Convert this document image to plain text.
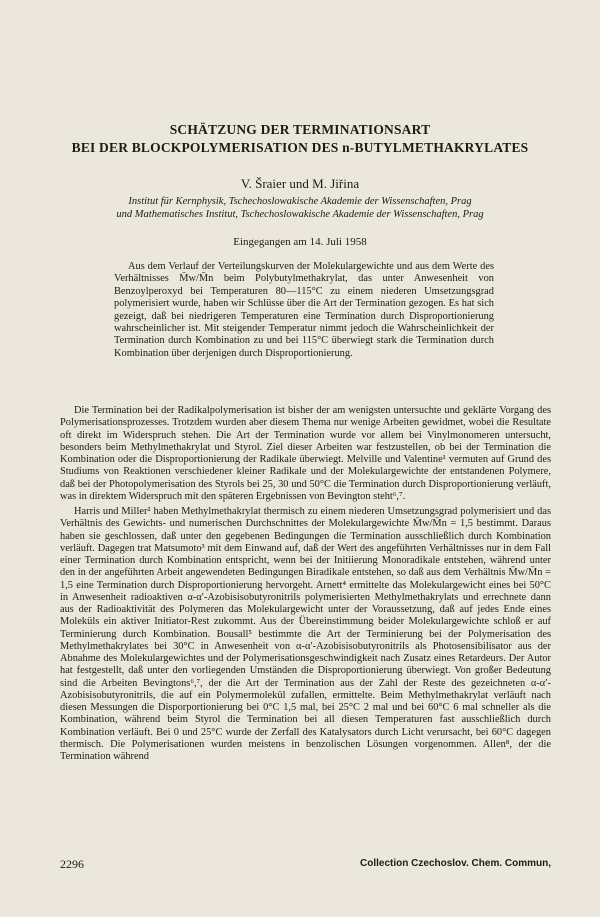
SCHÄTZUNG DER TERMINATIONSART
BEI DER BLOCKPOLYMERISATION DES n-BUTYLMETHAKRYLATES
V. Šraier und M. Jiřina
Institut für Kernphysik, Tschechoslowakische Akademie der Wissenschaften, Prag
und Mathematisches Institut, Tschechoslowakische Akademie der Wissenschaften, Prag
Eingegangen am 14. Juli 1958

Aus dem Verlauf der Verteilungskurven der Molekulargewichte und aus dem Werte des Verhältnisses M̄w/M̄n beim Polybutylmethakrylat, das unter Anwesenheit von Benzoylperoxyd bei Temperaturen 80—115°C zu einem niederen Umsetzungsgrad polymerisiert wurde, haben wir Schlüsse über die Art der Termination gezogen. Es hat sich gezeigt, daß bei niedrigeren Temperaturen eine Termination durch Disproportionierung wahrscheinlicher ist. Mit steigender Temperatur nimmt jedoch die Wahrscheinlichkeit der Termination durch Kombination zu und bei 115°C überwiegt stark die Termination durch Kombination über derjenigen durch Disproportionierung.

Die Termination bei der Radikalpolymerisation ist bisher der am wenigsten untersuchte und geklärte Vorgang des Polymerisationsprozesses. Trotzdem wurden aber diesem Thema nur wenige Arbeiten gewidmet, wobei die Resultate oft direkt im Widerspruch stehen. Die Art der Termination wurde vor allem bei Vinylmonomeren untersucht, besonders beim Methylmethakrylat und Styrol. Ziel dieser Arbeiten war festzustellen, ob bei der Termination die Kombination oder die Disproportionierung der Radikale überwiegt. Melville und Valentine¹ vermuten auf Grund des Studiums von Reaktionen verschiedener kleiner Radikale und der Molekulargewichte der entstandenen Polymere, daß bei der Photopolymerisation des Styrols bei 25, 30 und 50°C die Termination durch Disproportionierung verläuft, was in direktem Widerspruch mit den späteren Ergebnissen von Bevington steht⁶,⁷.

Harris und Miller² haben Methylmethakrylat thermisch zu einem niederen Umsetzungsgrad polymerisiert und das Verhältnis des Gewichts- und numerischen Durchschnittes der Molekulargewichte M̄w/M̄n = 1,5 bestimmt. Daraus haben sie geschlossen, daß unter den gegebenen Bedingungen die Termination ausschließlich durch Kombination verläuft. Dagegen trat Matsumoto³ mit dem Einwand auf, daß der Wert des angeführten Verhältnisses nur in dem Fall einer Termination durch Kombination entspricht, wenn bei der Initiierung Monoradikale entstehen, während unter den in der angeführten Arbeit angewendeten Bedingungen Biradikale entstehen, so daß aus dem Verhältnis M̄w/M̄n = 1,5 eine Termination durch Disproportionierung hervorgeht. Arnett⁴ ermittelte das Molekulargewicht eines bei 50°C in Anwesenheit radioaktiven α-α′-Azobisisobutyronitrils polymerisierten Methylmethakrylats und errechnete dann aus der Radioaktivität des Polymeren das Molekulargewicht unter der Voraussetzung, daß auf jedes Ende eines Moleküls ein aktiver Initiator-Rest zukommt. Aus der Übereinstimmung beider Molekulargewichte schloß er auf Terminierung durch Kombination. Bousall⁵ bestimmte die Art der Terminierung bei der Polymerisation des Methylmethakrylates bei 30°C in Anwesenheit von α-α′-Azobisisobutyronitrils als Photosensibilisator aus der Abnahme des Molekulargewichtes und der Polymerisationsgeschwindigkeit nach Zusatz eines Retardeurs. Der Autor hat festgestellt, daß unter den vorliegenden Umständen die Disproportionierung überwiegt. Von großer Bedeutung sind die Arbeiten Bevingtons⁶,⁷, der die Art der Termination aus der Zahl der Reste des gezeichneten α-α′-Azobisisobutyronitrils, die auf ein Polymermolekül zufallen, ermittelte. Beim Methylmethakrylat verläuft nach diesen Messungen die Disporportionierung bei 0°C 1,5 mal, bei 25°C 2 mal und bei 60°C 6 mal schneller als die Kombination, während beim Styrol die Termination bei all diesen Temperaturen fast ausschließlich durch Kombination verläuft. Bei 0 und 25°C wurde der Zerfall des Katalysators durch Licht verursacht, bei 60°C dagegen thermisch. Die Polymerisationen wurden meistens in benzolischen Lösungen vorgenommen. Allen⁸, der die Termination während

2296	Collection Czechoslov. Chem. Commun,
